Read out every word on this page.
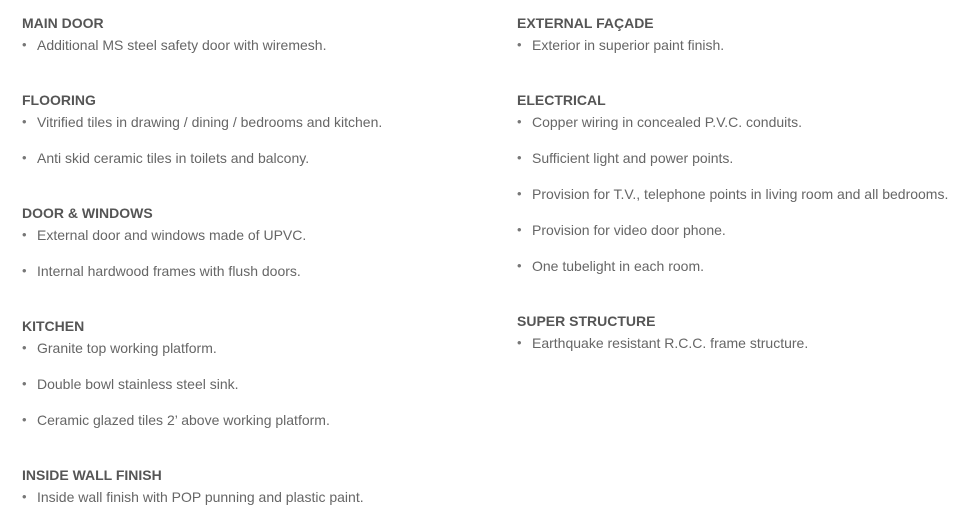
MAIN DOOR
• Additional MS steel safety door with wiremesh.
FLOORING
• Vitrified tiles in drawing / dining / bedrooms and kitchen.
• Anti skid ceramic tiles in toilets and balcony.
DOOR & WINDOWS
• External door and windows made of UPVC.
• Internal hardwood frames with flush doors.
KITCHEN
• Granite top working platform.
• Double bowl stainless steel sink.
• Ceramic glazed tiles 2’ above working platform.
INSIDE WALL FINISH
• Inside wall finish with POP punning and plastic paint.
EXTERNAL FAÇADE
• Exterior in superior paint finish.
ELECTRICAL
• Copper wiring in concealed P.V.C. conduits.
• Sufficient light and power points.
• Provision for T.V., telephone points in living room and all bedrooms.
• Provision for video door phone.
• One tubelight in each room.
SUPER STRUCTURE
• Earthquake resistant R.C.C. frame structure.
